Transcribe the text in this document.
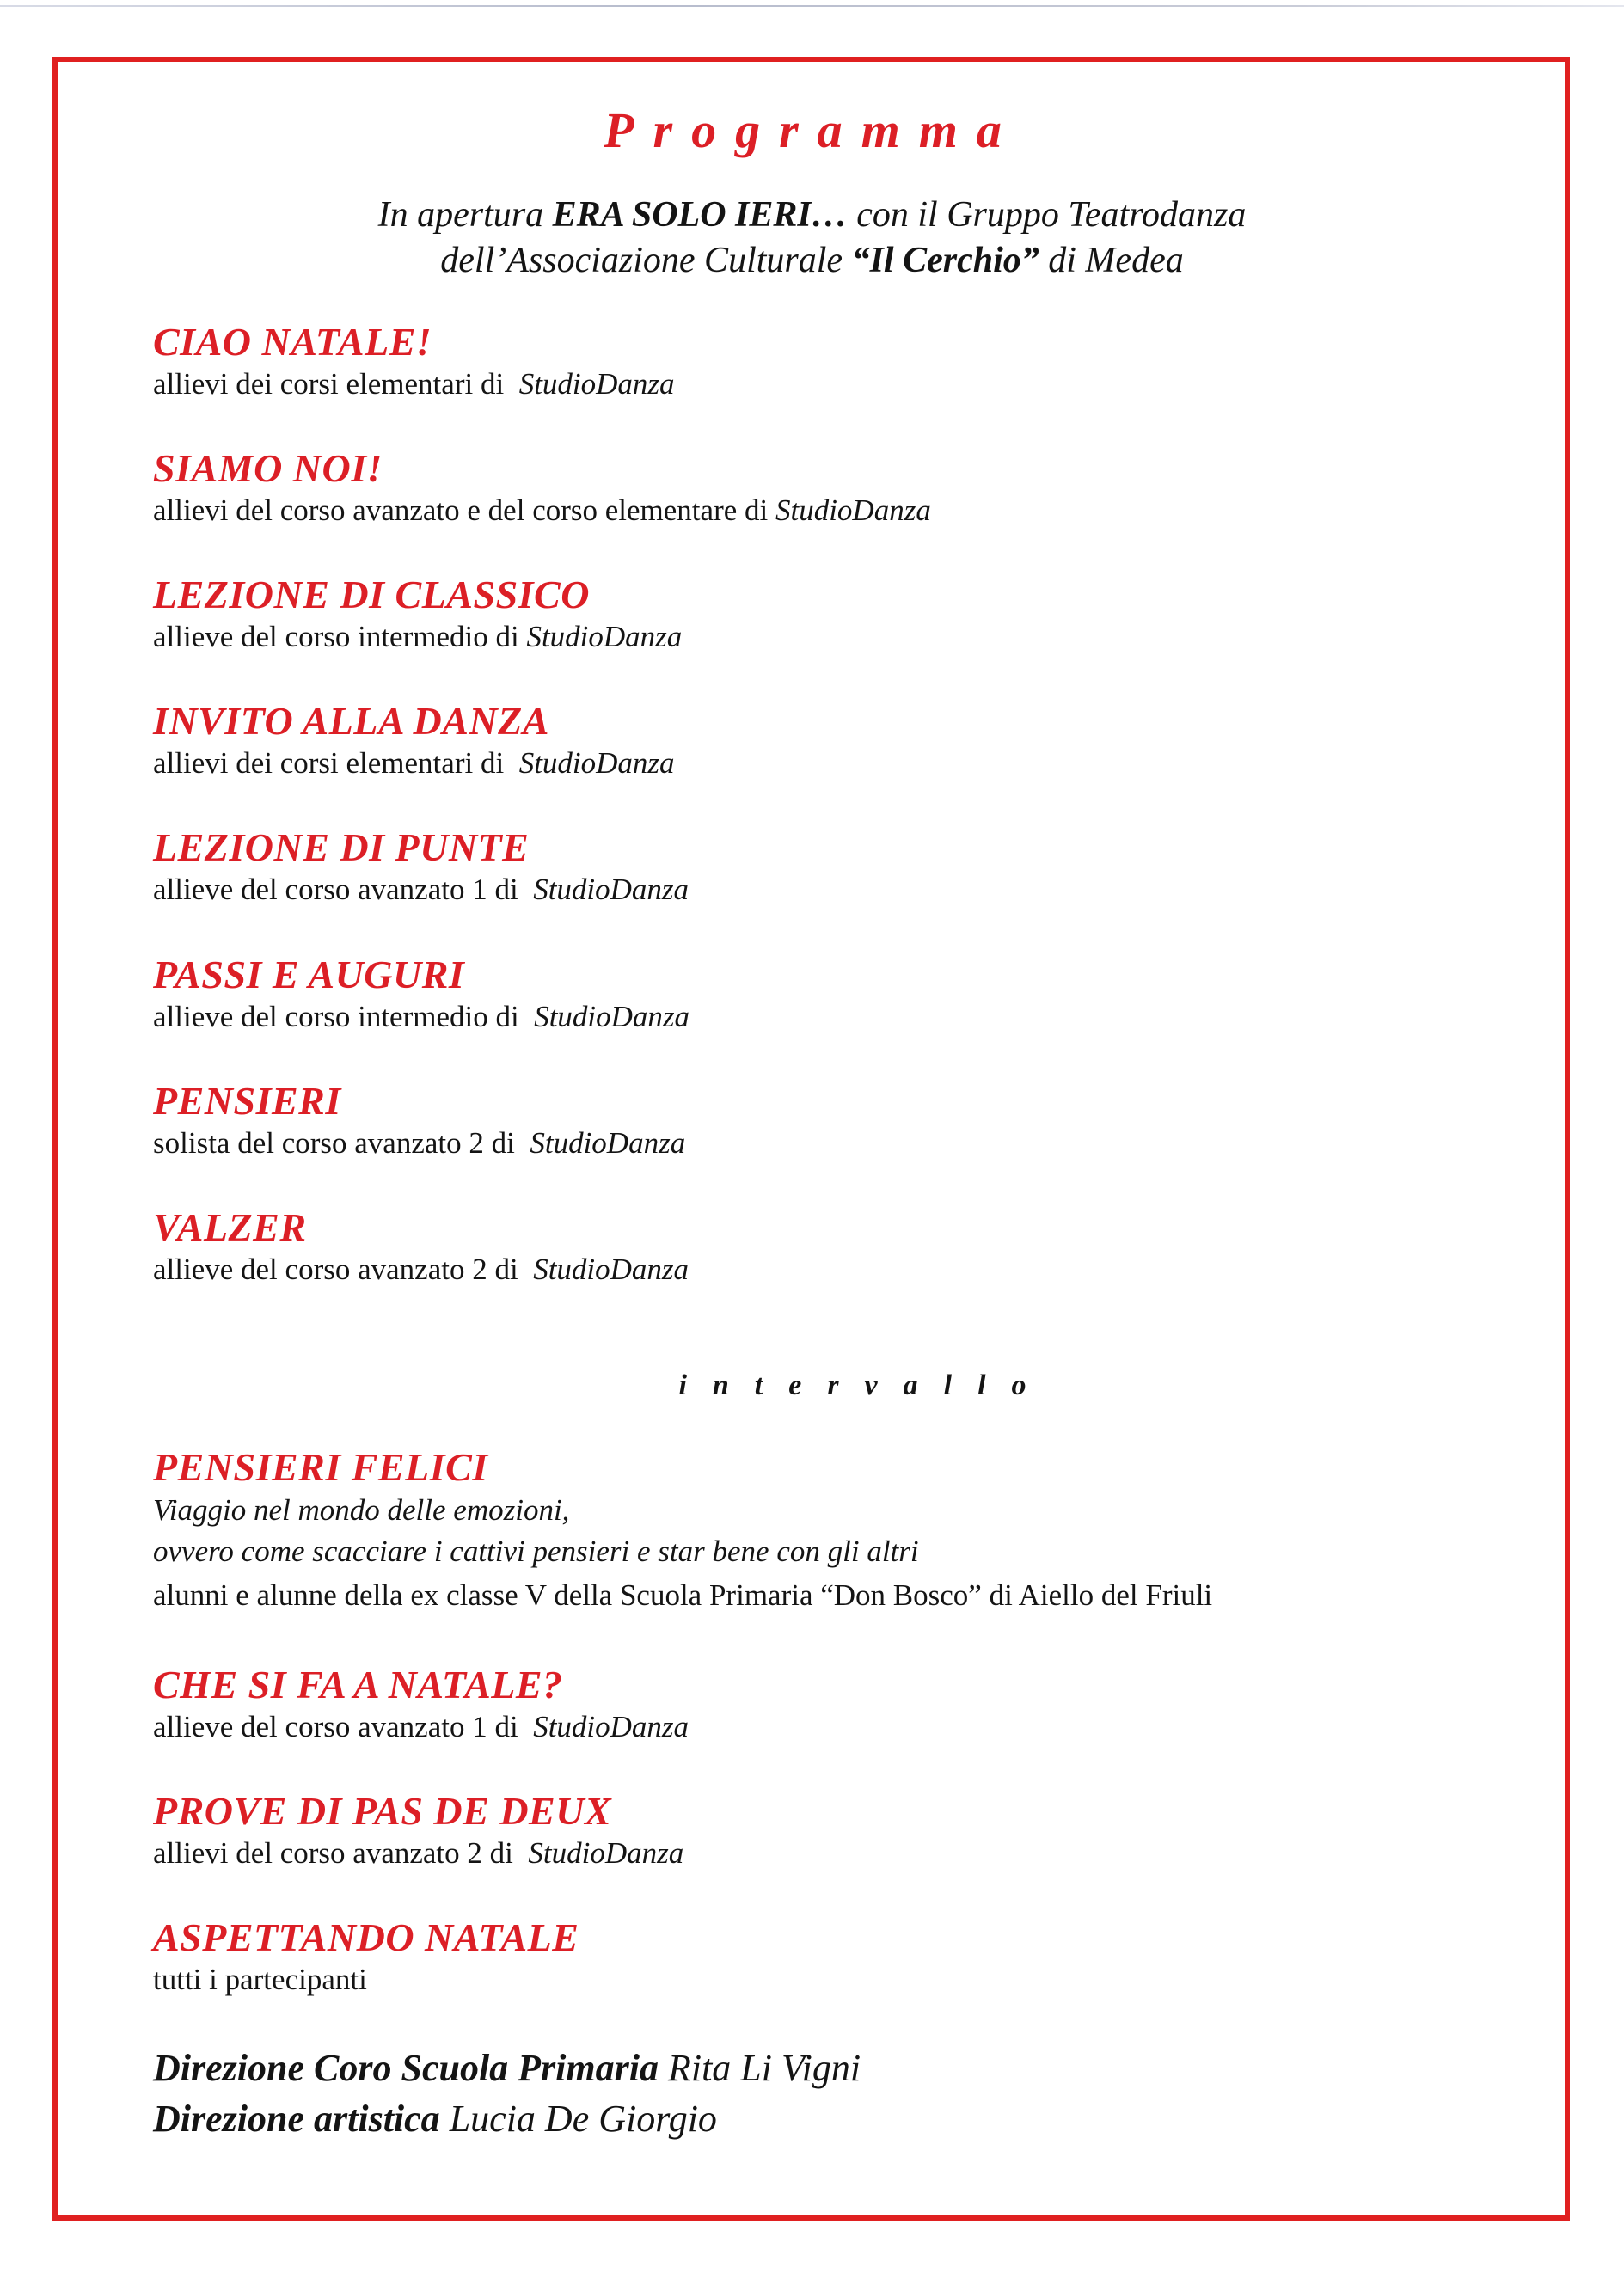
Programma
In apertura ERA SOLO IERI… con il Gruppo Teatrodanza
dell’Associazione Culturale “Il Cerchio” di Medea
CIAO NATALE!
allievi dei corsi elementari di StudioDanza
SIAMO NOI!
allievi del corso avanzato e del corso elementare di StudioDanza
LEZIONE DI CLASSICO
allieve del corso intermedio di StudioDanza
INVITO ALLA DANZA
allievi dei corsi elementari di StudioDanza
LEZIONE DI PUNTE
allieve del corso avanzato 1 di StudioDanza
PASSI E AUGURI
allieve del corso intermedio di StudioDanza
PENSIERI
solista del corso avanzato 2 di StudioDanza
VALZER
allieve del corso avanzato 2 di StudioDanza
intervallo
PENSIERI FELICI
Viaggio nel mondo delle emozioni,
ovvero come scacciare i cattivi pensieri e star bene con gli altri
alunni e alunne della ex classe V della Scuola Primaria “Don Bosco” di Aiello del Friuli
CHE SI FA A NATALE?
allieve del corso avanzato 1 di StudioDanza
PROVE DI PAS DE DEUX
allievi del corso avanzato 2 di StudioDanza
ASPETTANDO NATALE
tutti i partecipanti
Direzione Coro Scuola Primaria Rita Li Vigni
Direzione artistica Lucia De Giorgio
